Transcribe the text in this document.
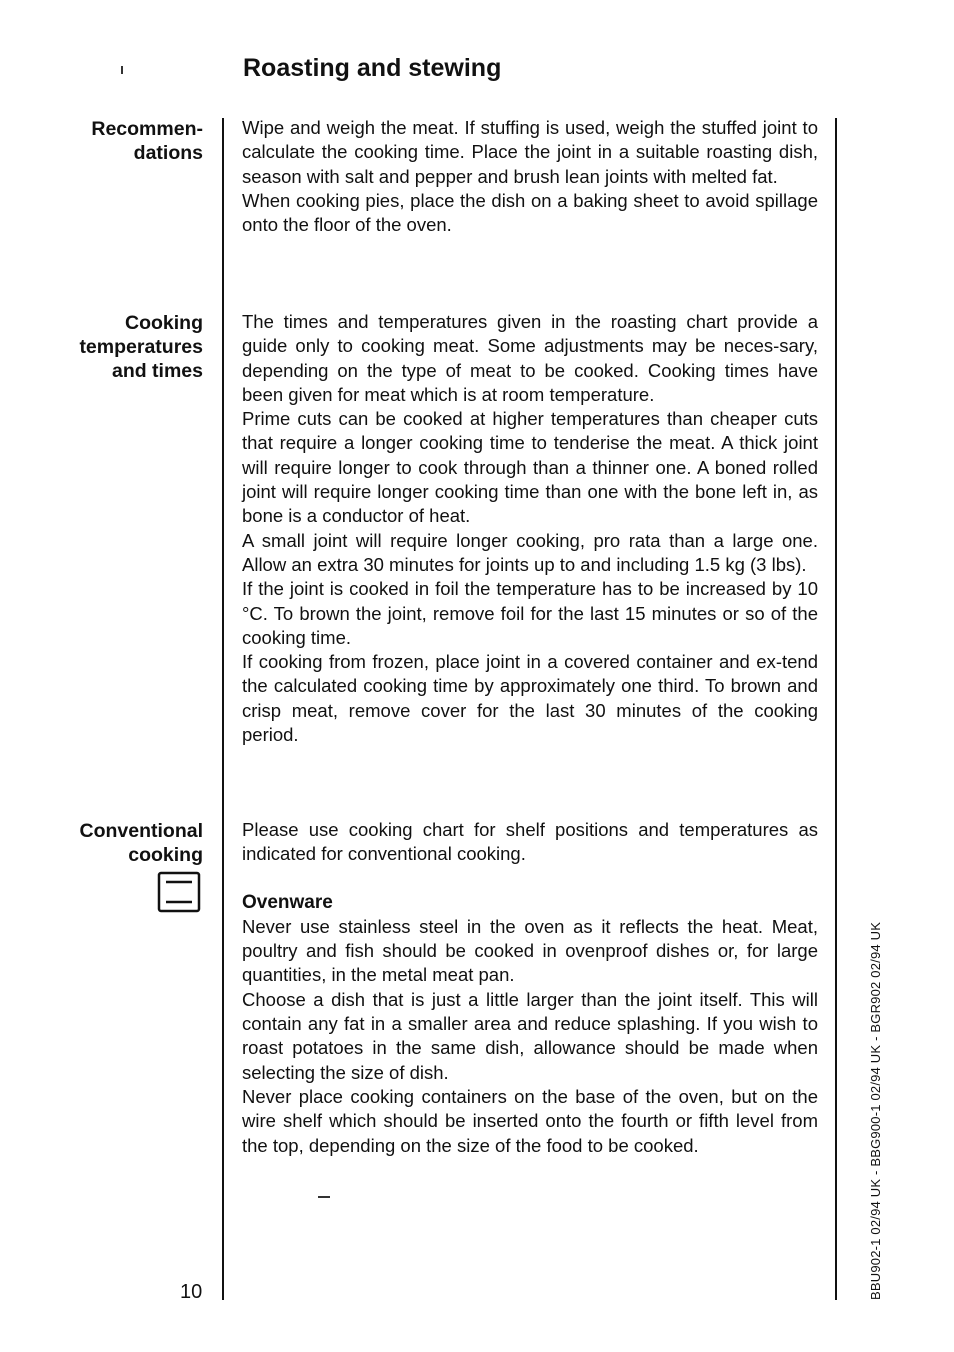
Roasting and stewing
Recommen-
dations

Wipe and weigh the meat. If stuffing is used, weigh the stuffed joint to calculate the cooking time. Place the joint in a suitable roasting dish, season with salt and pepper and brush lean joints with melted fat.

When cooking pies, place the dish on a baking sheet to avoid spillage onto the floor of the oven.

Cooking
temperatures
and times

The times and temperatures given in the roasting chart provide a guide only to cooking meat. Some adjustments may be neces-sary, depending on the type of meat to be cooked. Cooking times have been given for meat which is at room temperature.

Prime cuts can be cooked at higher temperatures than cheaper cuts that require a longer cooking time to tenderise the meat. A thick joint will require longer to cook through than a thinner one. A boned rolled joint will require longer cooking time than one with the bone left in, as bone is a conductor of heat.

A small joint will require longer cooking, pro rata than a large one. Allow an extra 30 minutes for joints up to and including 1.5 kg (3 lbs).

If the joint is cooked in foil the temperature has to be increased by 10 °C. To brown the joint, remove foil for the last 15 minutes or so of the cooking time.

If cooking from frozen, place joint in a covered container and ex-tend the calculated cooking time by approximately one third. To brown and crisp meat, remove cover for the last 30 minutes of the cooking period.

Conventional
cooking

Please use cooking chart for shelf positions and temperatures as indicated for conventional cooking.

Ovenware

Never use stainless steel in the oven as it reflects the heat. Meat, poultry and fish should be cooked in ovenproof dishes or, for large quantities, in the metal meat pan.

Choose a dish that is just a little larger than the joint itself. This will contain any fat in a smaller area and reduce splashing. If you wish to roast potatoes in the same dish, allowance should be made when selecting the size of dish.

Never place cooking containers on the base of the oven, but on the wire shelf which should be inserted onto the fourth or fifth level from the top, depending on the size of the food to be cooked.

10	BBU902-1 02/94 UK - BBG900-1 02/94 UK - BGR902 02/94 UK
